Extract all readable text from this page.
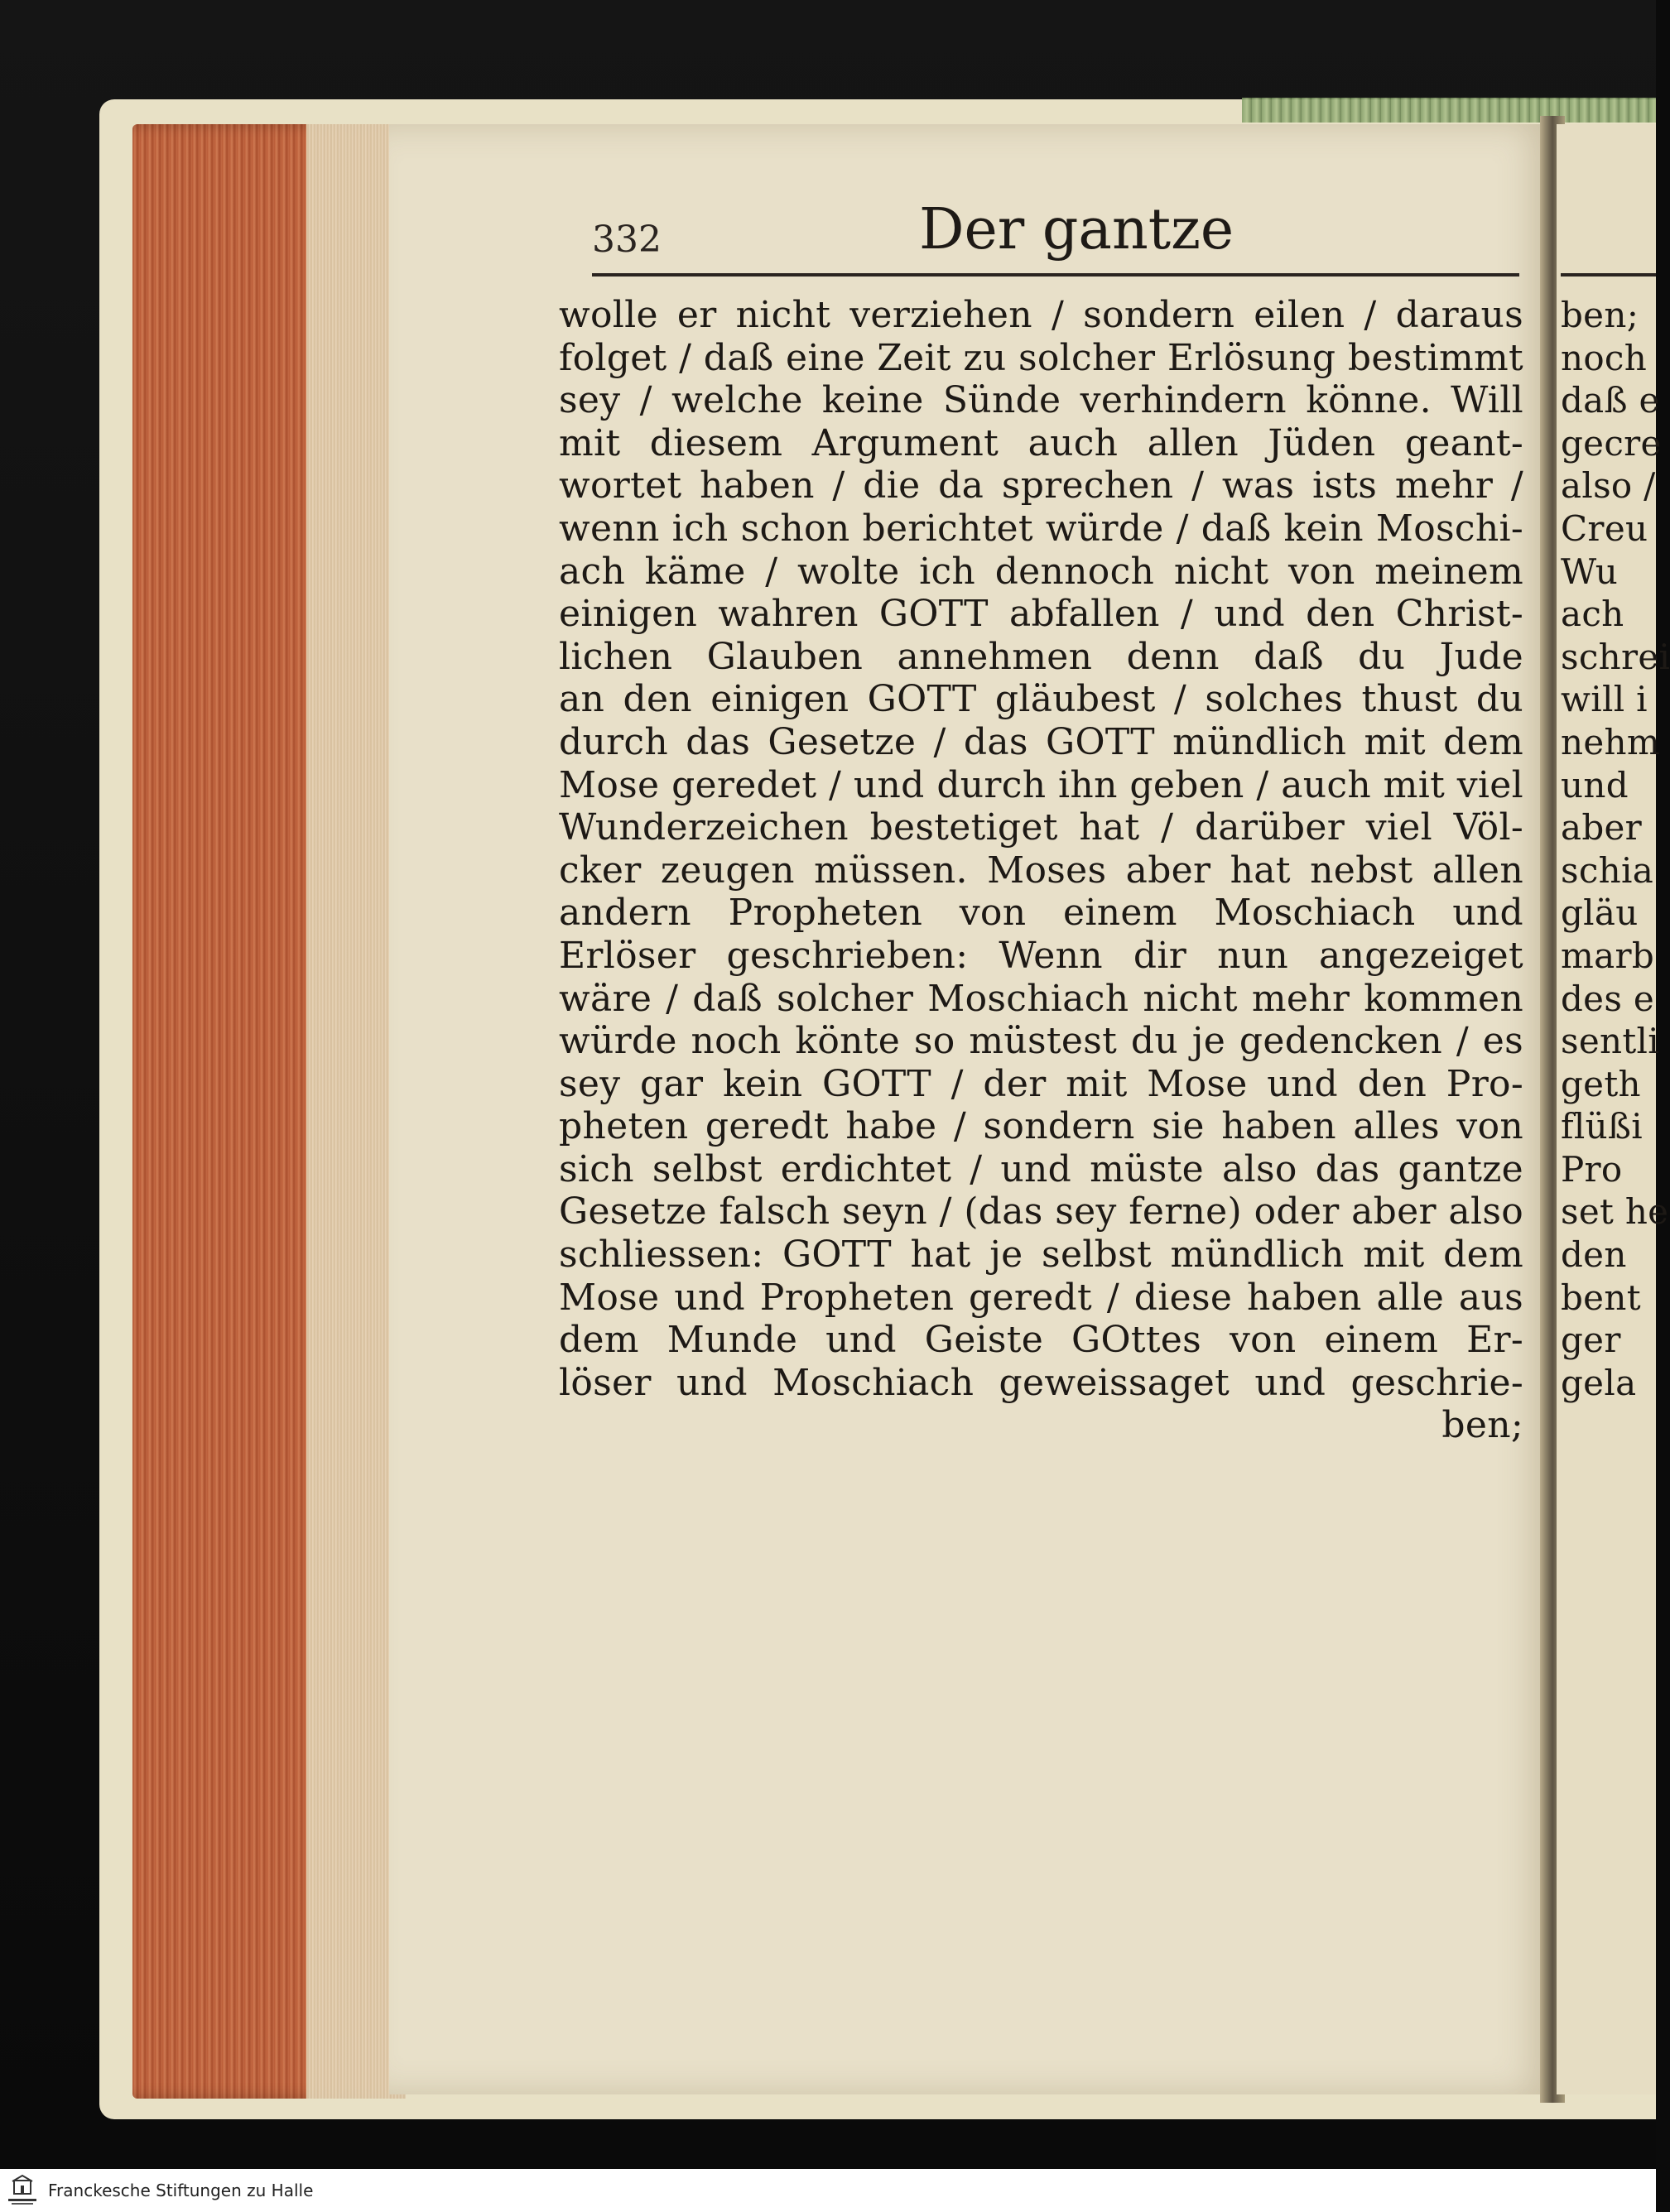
332	Der gantze
wolle er nicht verziehen / sondern eilen / daraus
folget / daß eine Zeit zu solcher Erlösung bestimmt
sey / welche keine Sünde verhindern könne. Will
mit diesem Argument auch allen Jüden geant-
wortet haben / die da sprechen / was ists mehr /
wenn ich schon berichtet würde / daß kein Moschi-
ach käme / wolte ich dennoch nicht von meinem
einigen wahren GOTT abfallen / und den Christ-
lichen Glauben annehmen denn daß du Jude
an den einigen GOTT gläubest / solches thust du
durch das Gesetze / das GOTT mündlich mit dem
Mose geredet / und durch ihn geben / auch mit viel
Wunderzeichen bestetiget hat / darüber viel Völ-
cker zeugen müssen. Moses aber hat nebst allen
andern Propheten von einem Moschiach und
Erlöser geschrieben: Wenn dir nun angezeiget
wäre / daß solcher Moschiach nicht mehr kommen
würde noch könte so müstest du je gedencken / es
sey gar kein GOTT / der mit Mose und den Pro-
pheten geredt habe / sondern sie haben alles von
sich selbst erdichtet / und müste also das gantze
Gesetze falsch seyn / (das sey ferne) oder aber also
schliessen: GOTT hat je selbst mündlich mit dem
Mose und Propheten geredt / diese haben alle aus
dem Munde und Geiste GOttes von einem Er-
löser und Moschiach geweissaget und geschrie-
ben;
ben;
noch
daß e
gecre
also /
Creu
Wu
ach
schrei
will i
nehm
und
aber
schia
gläu
marb
des e
sentli
geth
flüßi
Pro
set he
den
bent
ger
gela
Franckesche Stiftungen zu Halle
